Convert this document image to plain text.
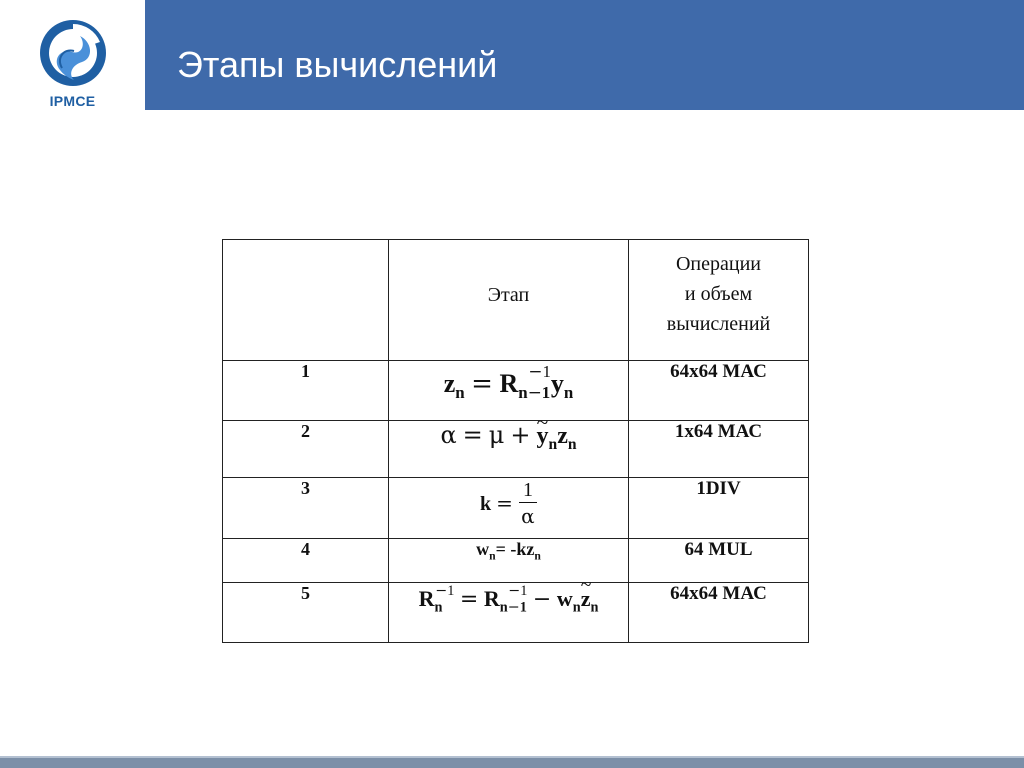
IPMCE
Этапы вычислений

	Этап	Операции
и объем
вычислений

1	$z_n = R_{n-1}^{-1}y_n$	64х64 МАС
2	α = μ + ~ $y_nz_n$	1х64 МАС
3	$k = \frac{1}{\alpha}$	1DIV
4	$w_n= -kz_n$	64 MUL
5	$R_n^{-1} = R_{n-1}^{-1}$ − $w_n\sim$ $z_n$	64x64 МАС
